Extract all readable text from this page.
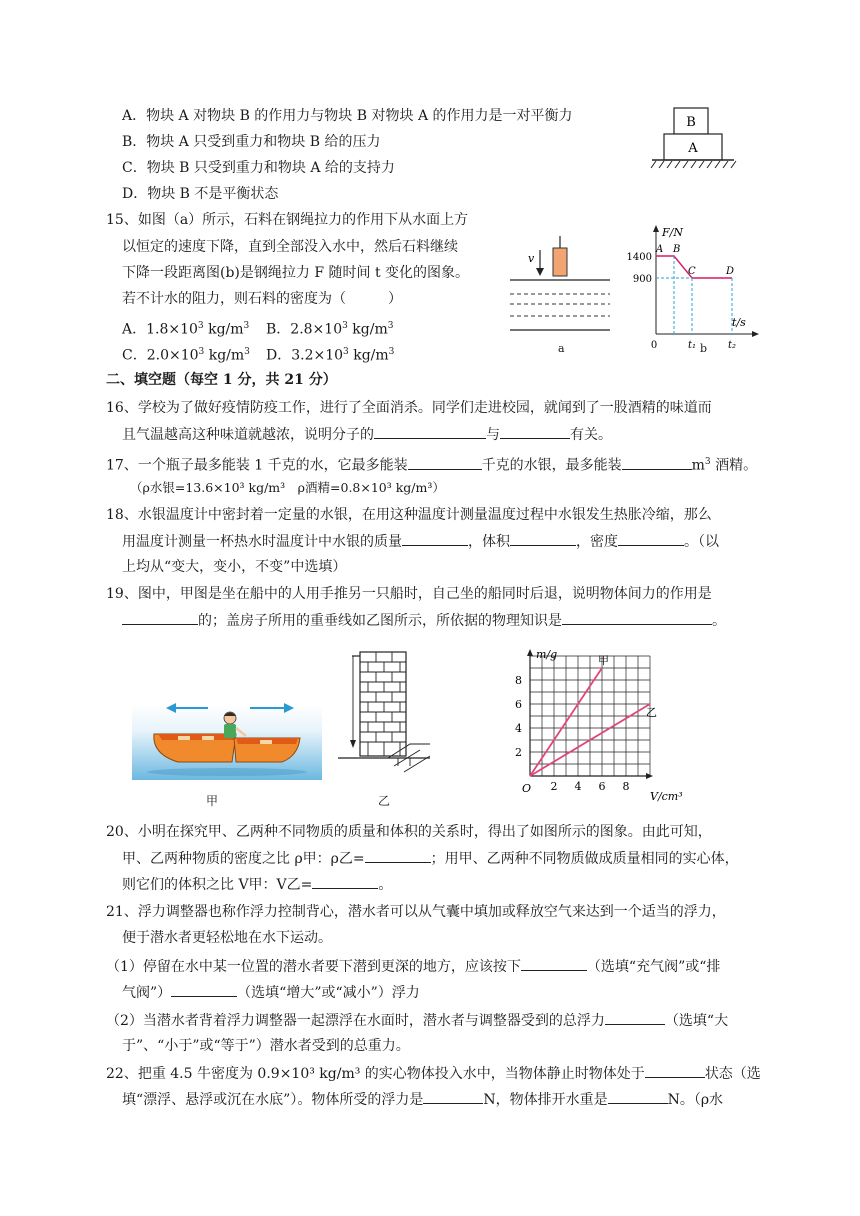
A．物块 A 对物块 B 的作用力与物块 B 对物块 A 的作用力是一对平衡力
B．物块 A 只受到重力和物块 B 给的压力
C．物块 B 只受到重力和物块 A 给的支持力
D．物块 B 不是平衡状态
B
A
15、如图（a）所示，石料在钢绳拉力的作用下从水面上方
以恒定的速度下降，直到全部没入水中，然后石料继续
下降一段距离图(b)是钢绳拉力 F 随时间 t 变化的图象。
若不计水的阻力，则石料的密度为（　　　）
A．$1.8\times 10^3$ $kg/m^3$ B．$2.8\times 10^3$ $kg/m^3$
C．$2.0\times 10^3$ $kg/m^3$ D．$3.2\times 10^3$ $kg/m^3$
v
a
F/N
t/s
1400
900
0	t₁	t₂
A B
C	D
b
二、填空题（每空 1 分，共 21 分）
16、学校为了做好疫情防疫工作，进行了全面消杀。同学们走进校园，就闻到了一股酒精的味道而
且气温越高这种味道就越浓，说明分子的	与	有关。
17、一个瓶子最多能装 1 千克的水，它最多能装	千克的水银，最多能装	$m^3$ 酒精。
（ρ水银=13.6×10³ kg/m³　ρ酒精=0.8×10³ kg/m³）
18、水银温度计中密封着一定量的水银，在用这种温度计测量温度过程中水银发生热胀冷缩，那么
用温度计测量一杯热水时温度计中水银的质量	，体积	，密度	。（以
上均从“变大，变小，不变”中选填）
19、图中，甲图是坐在船中的人用手推另一只船时，自己坐的船同时后退，说明物体间力的作用是
的；盖房子所用的重垂线如乙图所示，所依据的物理知识是	。
甲	乙
2 4 6 8
2
4
6
8
m/g
V/cm³
O
甲
乙
20、小明在探究甲、乙两种不同物质的质量和体积的关系时，得出了如图所示的图象。由此可知，
甲、乙两种物质的密度之比 ρ甲：ρ乙=	；用甲、乙两种不同物质做成质量相同的实心体，
则它们的体积之比 V甲：V乙=	。
21、浮力调整器也称作浮力控制背心，潜水者可以从气囊中填加或释放空气来达到一个适当的浮力，
便于潜水者更轻松地在水下运动。
（1）停留在水中某一位置的潜水者要下潜到更深的地方，应该按下	（选填“充气阀”或“排
气阀”）	（选填“增大”或“减小”）浮力
（2）当潜水者背着浮力调整器一起漂浮在水面时，潜水者与调整器受到的总浮力	（选填“大
于”、“小于”或“等于”）潜水者受到的总重力。
22、把重 4.5 牛密度为 0.9×10³ kg/m³ 的实心物体投入水中，当物体静止时物体处于	状态（选
填“漂浮、悬浮或沉在水底”）。物体所受的浮力是	N，物体排开水重是	N。（ρ水
